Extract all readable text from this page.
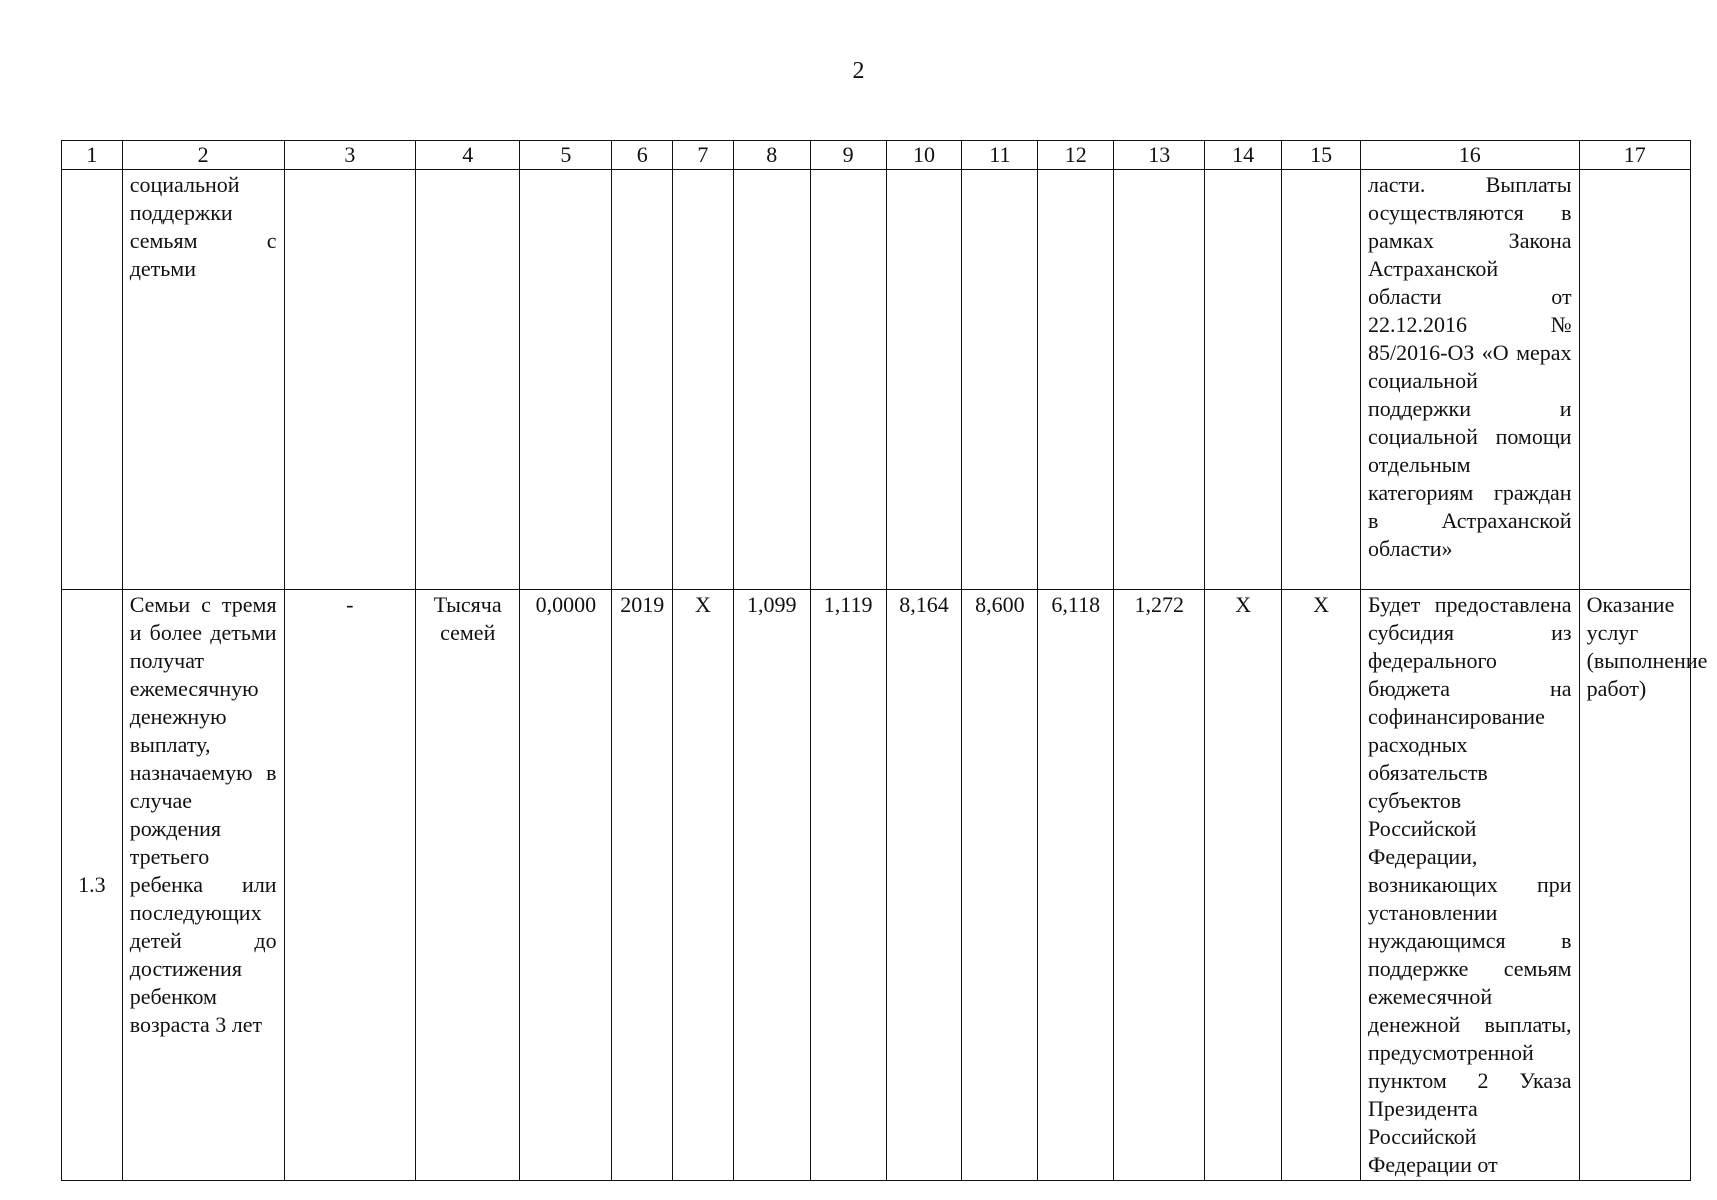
2
1	2	3	4	5	6	7	8	9	10	11	12	13	14	15	16	17
	социальной поддержки семьям с детьми														ласти. Выплаты осуществляются в рамках Закона Астраханской области от 22.12.2016 № 85/2016-ОЗ «О мерах социальной поддержки и социальной помощи отдельным категориям граждан в Астраханской области»	
1.3	Семьи с тремя и более детьми получат ежемесячную денежную выплату, назначаемую в случае рождения третьего ребенка или последующих детей до достижения ребенком возраста 3 лет	-	Тысяча семей	0,0000	2019	X	1,099	1,119	8,164	8,600	6,118	1,272	X	X	Будет предоставлена субсидия из федерального бюджета на софинансирование расходных обязательств субъектов Российской Федерации, возникающих при установлении нуждающимся в поддержке семьям ежемесячной денежной выплаты, предусмотренной пунктом 2 Указа Президента Российской Федерации от	Оказание услуг (выполнение работ)
